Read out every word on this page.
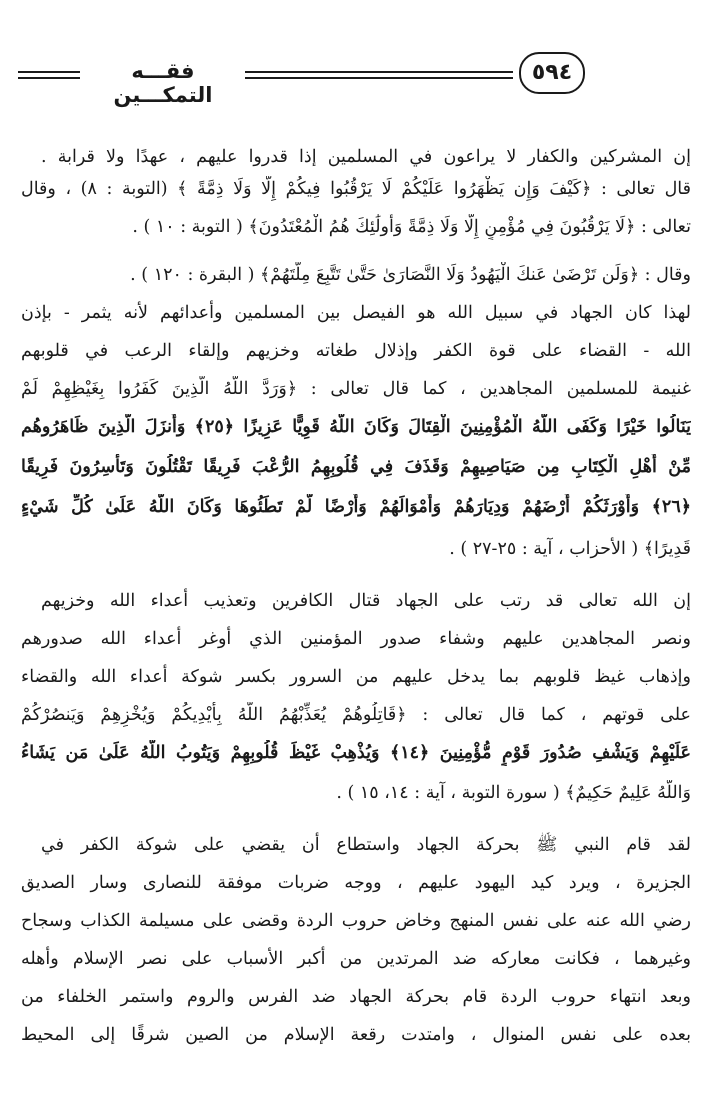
فقـــه التمكـــين
٥٩٤
إن المشركين والكفار لا يراعون في المسلمين إذا قدروا عليهم ، عهدًا ولا قرابة .
قال تعالى : ﴿كَيْفَ وَإِن يَظْهَرُوا عَلَيْكُمْ لَا يَرْقُبُوا فِيكُمْ إِلًّا وَلَا ذِمَّةً ﴾ (التوبة : ٨) ، وقال
تعالى : ﴿لَا يَرْقُبُونَ فِي مُؤْمِنٍ إِلًّا وَلَا ذِمَّةً وَأُولَٰئِكَ هُمُ الْمُعْتَدُونَ﴾ ( التوبة : ١٠ ) .
وقال : ﴿وَلَن تَرْضَىٰ عَنكَ الْيَهُودُ وَلَا النَّصَارَىٰ حَتَّىٰ تَتَّبِعَ مِلَّتَهُمْ﴾ ( البقرة : ١٢٠ ) .
لهذا كان الجهاد في سبيل الله هو الفيصل بين المسلمين وأعدائهم لأنه يثمر - بإذن
الله - القضاء على قوة الكفر وإذلال طغاته وخزيهم وإلقاء الرعب في قلوبهم
غنيمة للمسلمين المجاهدين ، كما قال تعالى : ﴿وَرَدَّ اللَّهُ الَّذِينَ كَفَرُوا بِغَيْظِهِمْ لَمْ
يَنَالُوا خَيْرًا وَكَفَى اللَّهُ الْمُؤْمِنِينَ الْقِتَالَ وَكَانَ اللَّهُ قَوِيًّا عَزِيزًا ﴿٢٥﴾ وَأَنزَلَ الَّذِينَ ظَاهَرُوهُم
مِّنْ أَهْلِ الْكِتَابِ مِن صَيَاصِيهِمْ وَقَذَفَ فِي قُلُوبِهِمُ الرُّعْبَ فَرِيقًا تَقْتُلُونَ وَتَأْسِرُونَ فَرِيقًا
﴿٢٦﴾ وَأَوْرَثَكُمْ أَرْضَهُمْ وَدِيَارَهُمْ وَأَمْوَالَهُمْ وَأَرْضًا لَّمْ تَطَئُوهَا وَكَانَ اللَّهُ عَلَىٰ كُلِّ شَيْءٍ
قَدِيرًا﴾ ( الأحزاب ، آية : ٢٥-٢٧ ) .
إن الله تعالى قد رتب على الجهاد قتال الكافرين وتعذيب أعداء الله وخزيهم
ونصر المجاهدين عليهم وشفاء صدور المؤمنين الذي أوغر أعداء الله صدورهم
وإذهاب غيظ قلوبهم بما يدخل عليهم من السرور بكسر شوكة أعداء الله والقضاء
على قوتهم ، كما قال تعالى : ﴿قَاتِلُوهُمْ يُعَذِّبْهُمُ اللَّهُ بِأَيْدِيكُمْ وَيُخْزِهِمْ وَيَنصُرْكُمْ
عَلَيْهِمْ وَيَشْفِ صُدُورَ قَوْمٍ مُّؤْمِنِينَ ﴿١٤﴾ وَيُذْهِبْ غَيْظَ قُلُوبِهِمْ وَيَتُوبُ اللَّهُ عَلَىٰ مَن يَشَاءُ
وَاللَّهُ عَلِيمٌ حَكِيمٌ﴾ ( سورة التوبة ، آية : ١٤، ١٥ ) .
لقد قام النبي ﷺ بحركة الجهاد واستطاع أن يقضي على شوكة الكفر في
الجزيرة ، ويرد كيد اليهود عليهم ، ووجه ضربات موفقة للنصارى وسار الصديق
رضي الله عنه على نفس المنهج وخاض حروب الردة وقضى على مسيلمة الكذاب وسجاح
وغيرهما ، فكانت معاركه ضد المرتدين من أكبر الأسباب على نصر الإسلام وأهله
وبعد انتهاء حروب الردة قام بحركة الجهاد ضد الفرس والروم واستمر الخلفاء من
بعده على نفس المنوال ، وامتدت رقعة الإسلام من الصين شرقًا إلى المحيط
